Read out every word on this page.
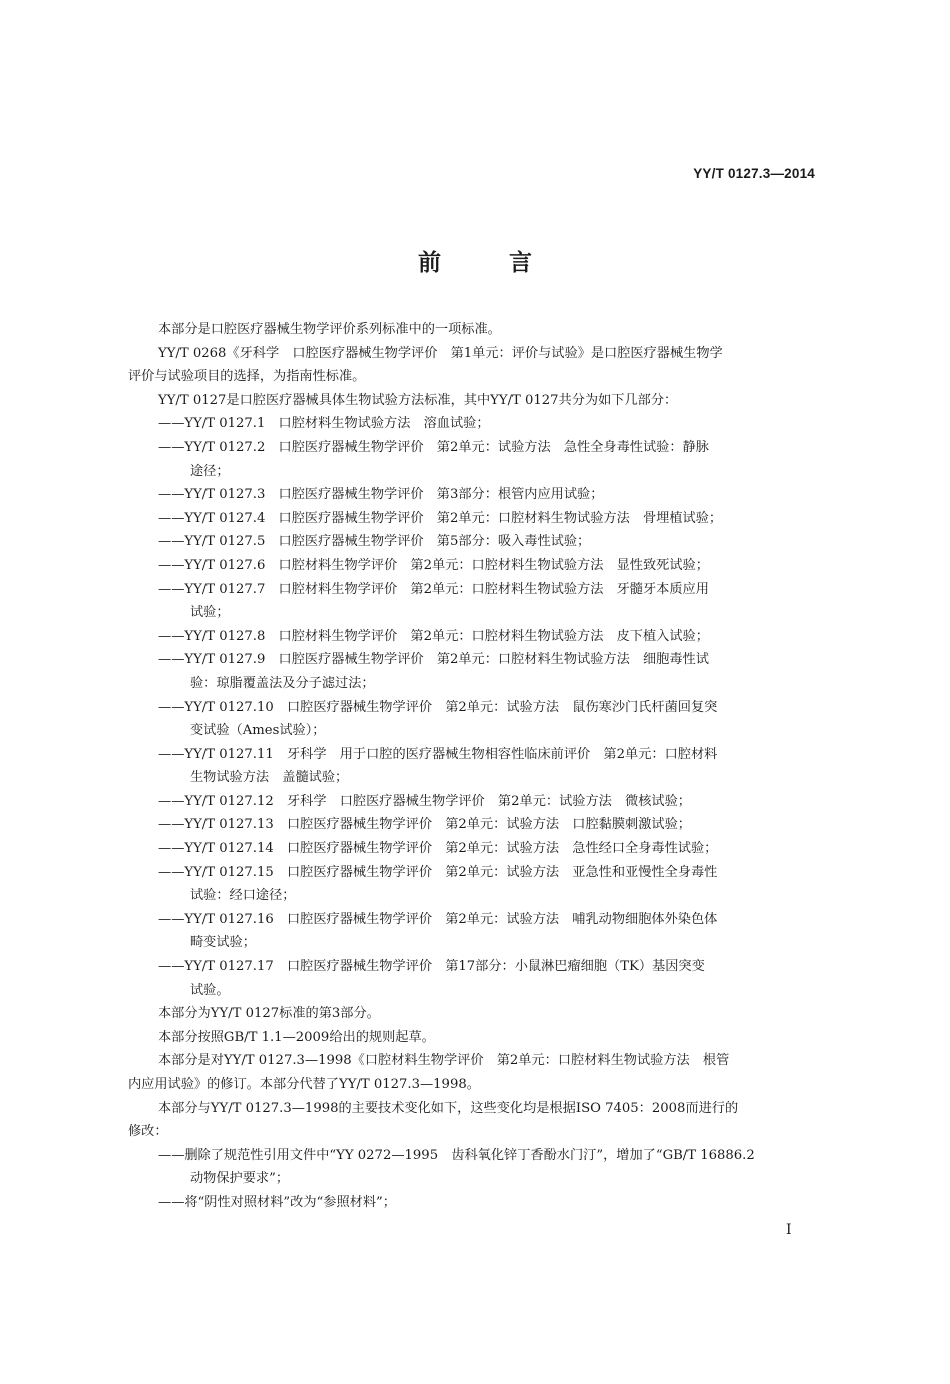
YY/T 0127.3—2014
前 言

本部分是口腔医疗器械生物学评价系列标准中的一项标准。

YY/T 0268《牙科学　口腔医疗器械生物学评价　第1单元：评价与试验》是口腔医疗器械生物学

评价与试验项目的选择，为指南性标准。

YY/T 0127是口腔医疗器械具体生物试验方法标准，其中YY/T 0127共分为如下几部分：

——YY/T 0127.1　口腔材料生物试验方法　溶血试验；
——YY/T 0127.2　口腔医疗器械生物学评价　第2单元：试验方法　急性全身毒性试验：静脉
途径；
——YY/T 0127.3　口腔医疗器械生物学评价　第3部分：根管内应用试验；
——YY/T 0127.4　口腔医疗器械生物学评价　第2单元：口腔材料生物试验方法　骨埋植试验；
——YY/T 0127.5　口腔医疗器械生物学评价　第5部分：吸入毒性试验；
——YY/T 0127.6　口腔材料生物学评价　第2单元：口腔材料生物试验方法　显性致死试验；
——YY/T 0127.7　口腔材料生物学评价　第2单元：口腔材料生物试验方法　牙髓牙本质应用
试验；
——YY/T 0127.8　口腔材料生物学评价　第2单元：口腔材料生物试验方法　皮下植入试验；
——YY/T 0127.9　口腔医疗器械生物学评价　第2单元：口腔材料生物试验方法　细胞毒性试
验：琼脂覆盖法及分子滤过法；
——YY/T 0127.10　口腔医疗器械生物学评价　第2单元：试验方法　鼠伤寒沙门氏杆菌回复突
变试验（Ames试验）；
——YY/T 0127.11　牙科学　用于口腔的医疗器械生物相容性临床前评价　第2单元：口腔材料
生物试验方法　盖髓试验；
——YY/T 0127.12　牙科学　口腔医疗器械生物学评价　第2单元：试验方法　微核试验；
——YY/T 0127.13　口腔医疗器械生物学评价　第2单元：试验方法　口腔黏膜刺激试验；
——YY/T 0127.14　口腔医疗器械生物学评价　第2单元：试验方法　急性经口全身毒性试验；
——YY/T 0127.15　口腔医疗器械生物学评价　第2单元：试验方法　亚急性和亚慢性全身毒性
试验：经口途径；
——YY/T 0127.16　口腔医疗器械生物学评价　第2单元：试验方法　哺乳动物细胞体外染色体
畸变试验；
——YY/T 0127.17　口腔医疗器械生物学评价　第17部分：小鼠淋巴瘤细胞（TK）基因突变
试验。

本部分为YY/T 0127标准的第3部分。

本部分按照GB/T 1.1—2009给出的规则起草。

本部分是对YY/T 0127.3—1998《口腔材料生物学评价　第2单元：口腔材料生物试验方法　根管

内应用试验》的修订。本部分代替了YY/T 0127.3—1998。

本部分与YY/T 0127.3—1998的主要技术变化如下，这些变化均是根据ISO 7405：2008而进行的

修改：

——删除了规范性引用文件中“YY 0272—1995　齿科氧化锌丁香酚水门汀”，增加了“GB/T 16886.2
动物保护要求”；
——将“阴性对照材料”改为“参照材料”；
I
